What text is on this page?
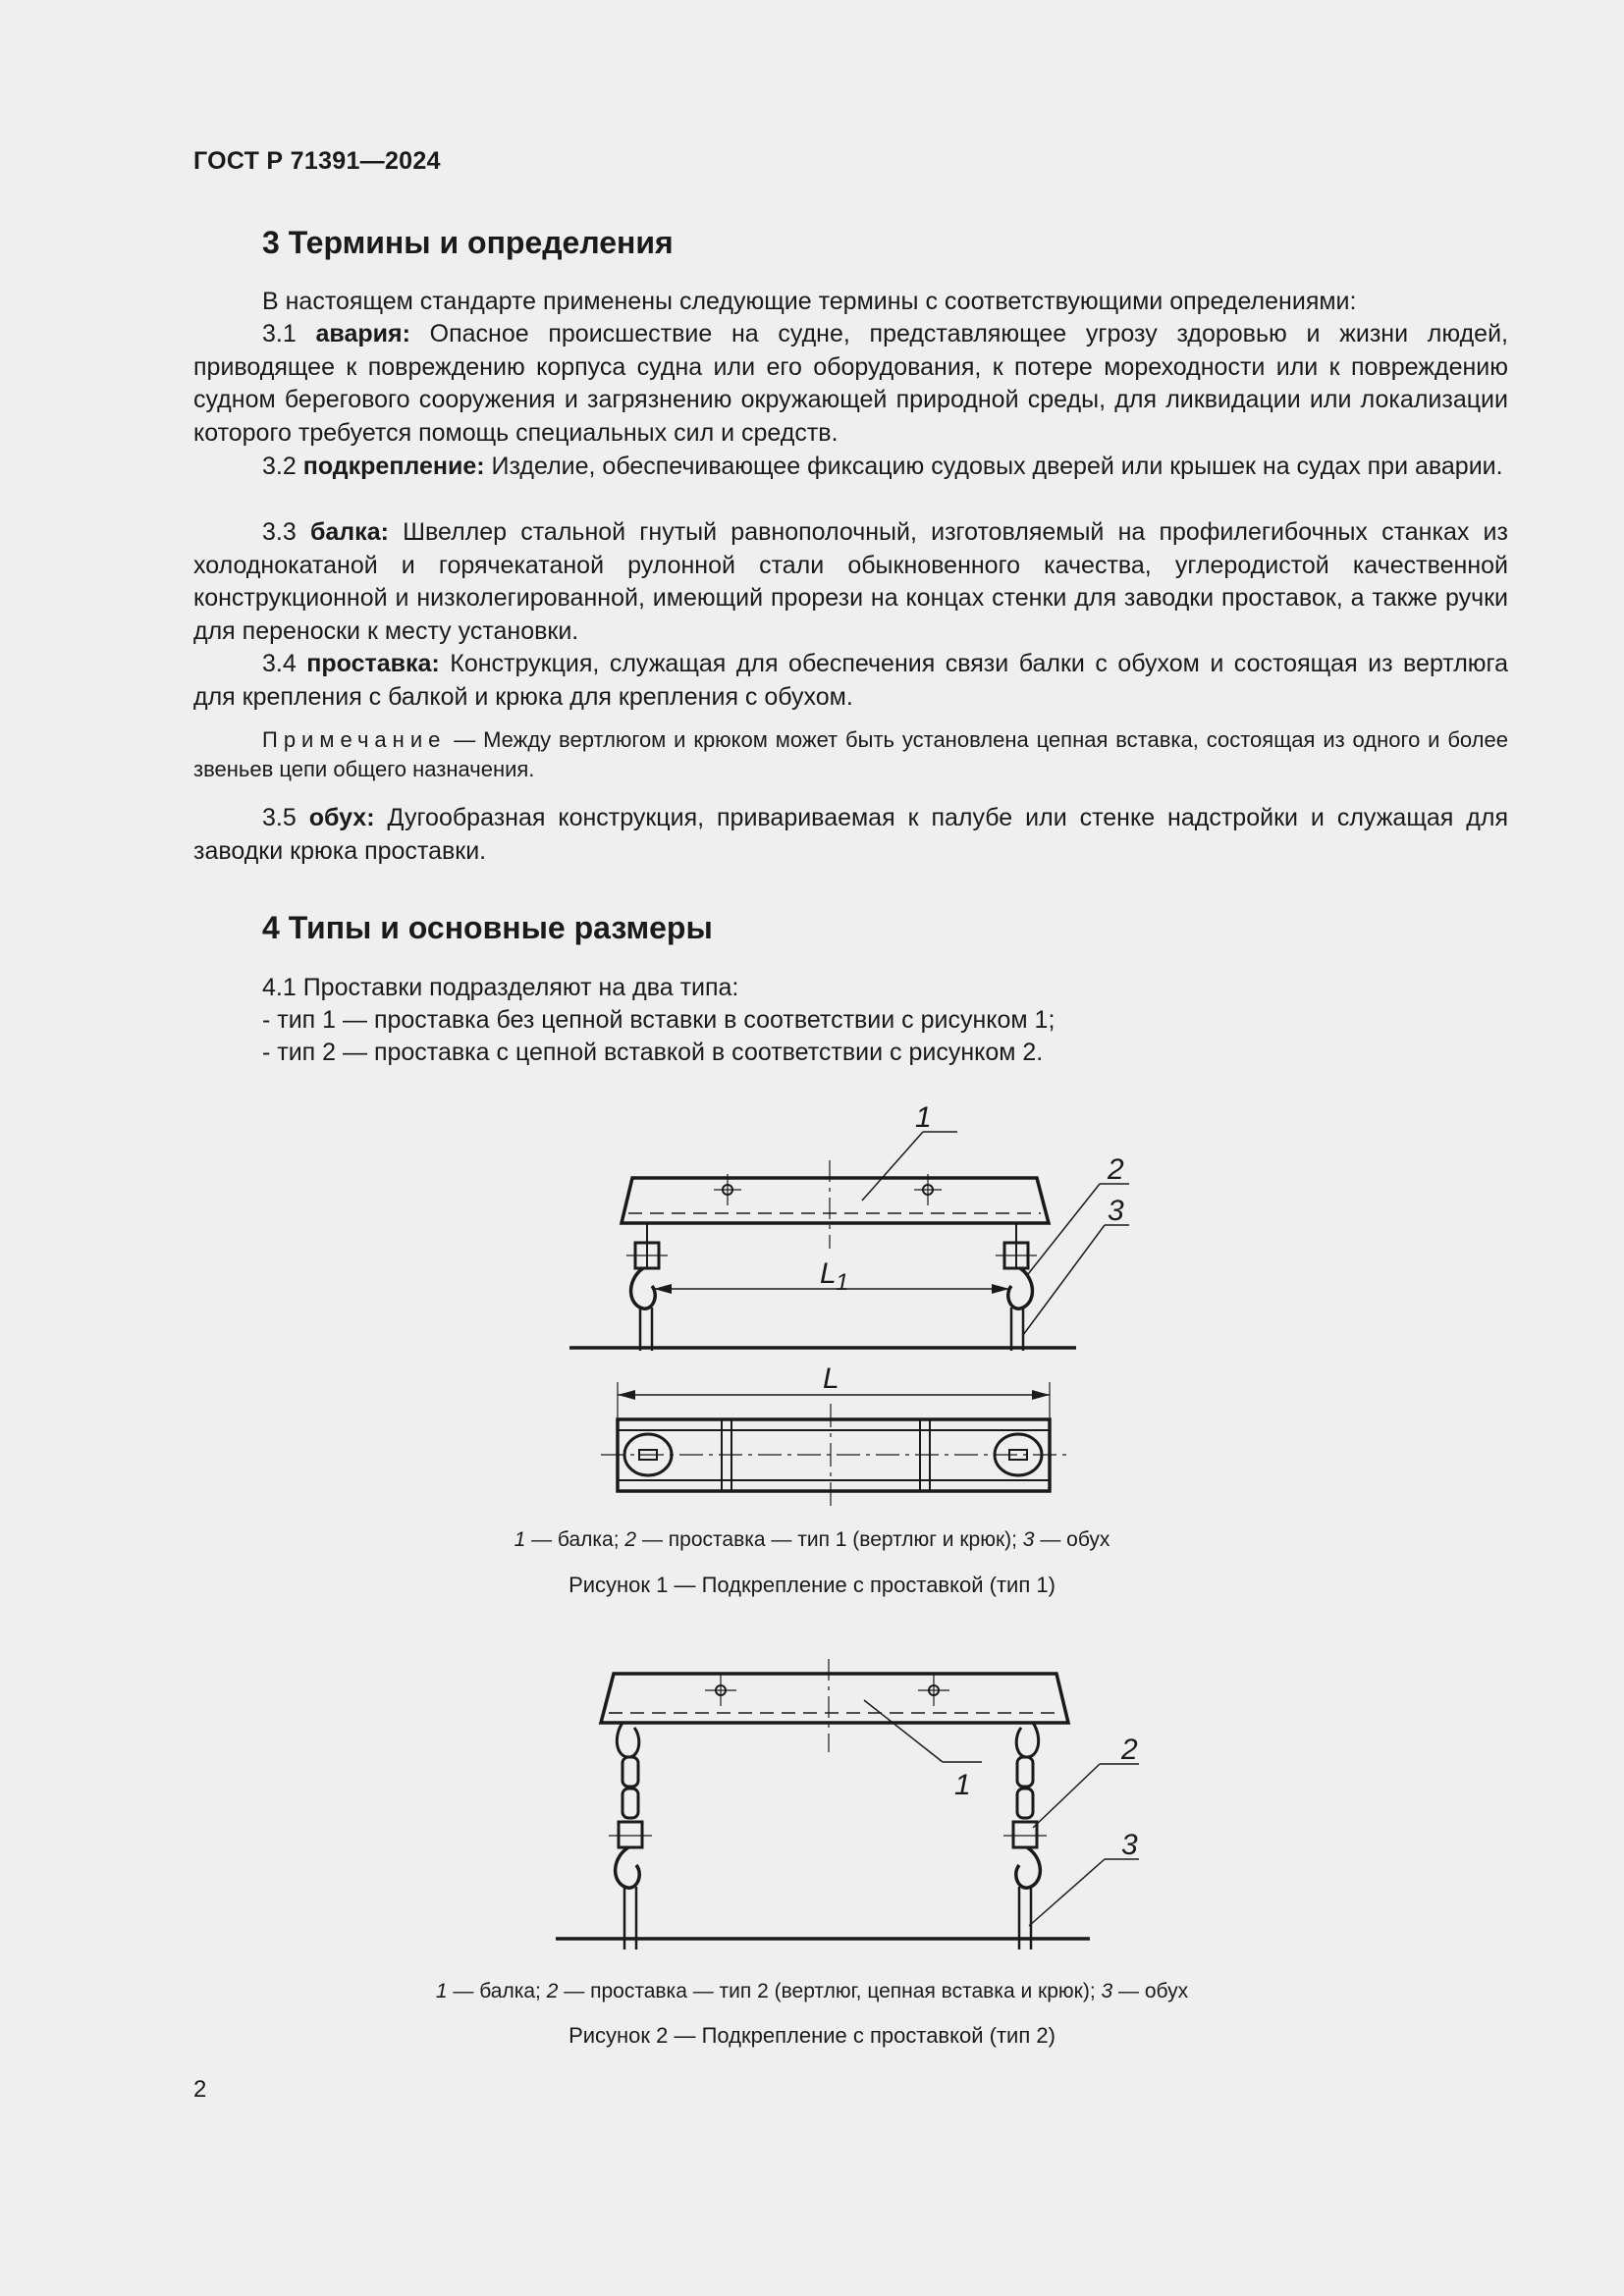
ГОСТ Р 71391—2024
3 Термины и определения
В настоящем стандарте применены следующие термины с соответствующими определениями:
3.1 авария: Опасное происшествие на судне, представляющее угрозу здоровью и жизни людей, приводящее к повреждению корпуса судна или его оборудования, к потере мореходности или к повреждению судном берегового сооружения и загрязнению окружающей природной среды, для ликвидации или локализации которого требуется помощь специальных сил и средств.
3.2 подкрепление: Изделие, обеспечивающее фиксацию судовых дверей или крышек на судах при аварии.
3.3 балка: Швеллер стальной гнутый равнополочный, изготовляемый на профилегибочных станках из холоднокатаной и горячекатаной рулонной стали обыкновенного качества, углеродистой качественной конструкционной и низколегированной, имеющий прорези на концах стенки для заводки проставок, а также ручки для переноски к месту установки.
3.4 проставка: Конструкция, служащая для обеспечения связи балки с обухом и состоящая из вертлюга для крепления с балкой и крюка для крепления с обухом.
Примечание — Между вертлюгом и крюком может быть установлена цепная вставка, состоящая из одного и более звеньев цепи общего назначения.
3.5 обух: Дугообразная конструкция, привариваемая к палубе или стенке надстройки и служащая для заводки крюка проставки.
4 Типы и основные размеры
4.1 Проставки подразделяют на два типа:
- тип 1 — проставка без цепной вставки в соответствии с рисунком 1;
- тип 2 — проставка с цепной вставкой в соответствии с рисунком 2.
L 1
1
2
3
L
1
2
3
1 — балка; 2 — проставка — тип 1 (вертлюг и крюк); 3 — обух
Рисунок 1 — Подкрепление с проставкой (тип 1)
1 — балка; 2 — проставка — тип 2 (вертлюг, цепная вставка и крюк); 3 — обух
Рисунок 2 — Подкрепление с проставкой (тип 2)
2
